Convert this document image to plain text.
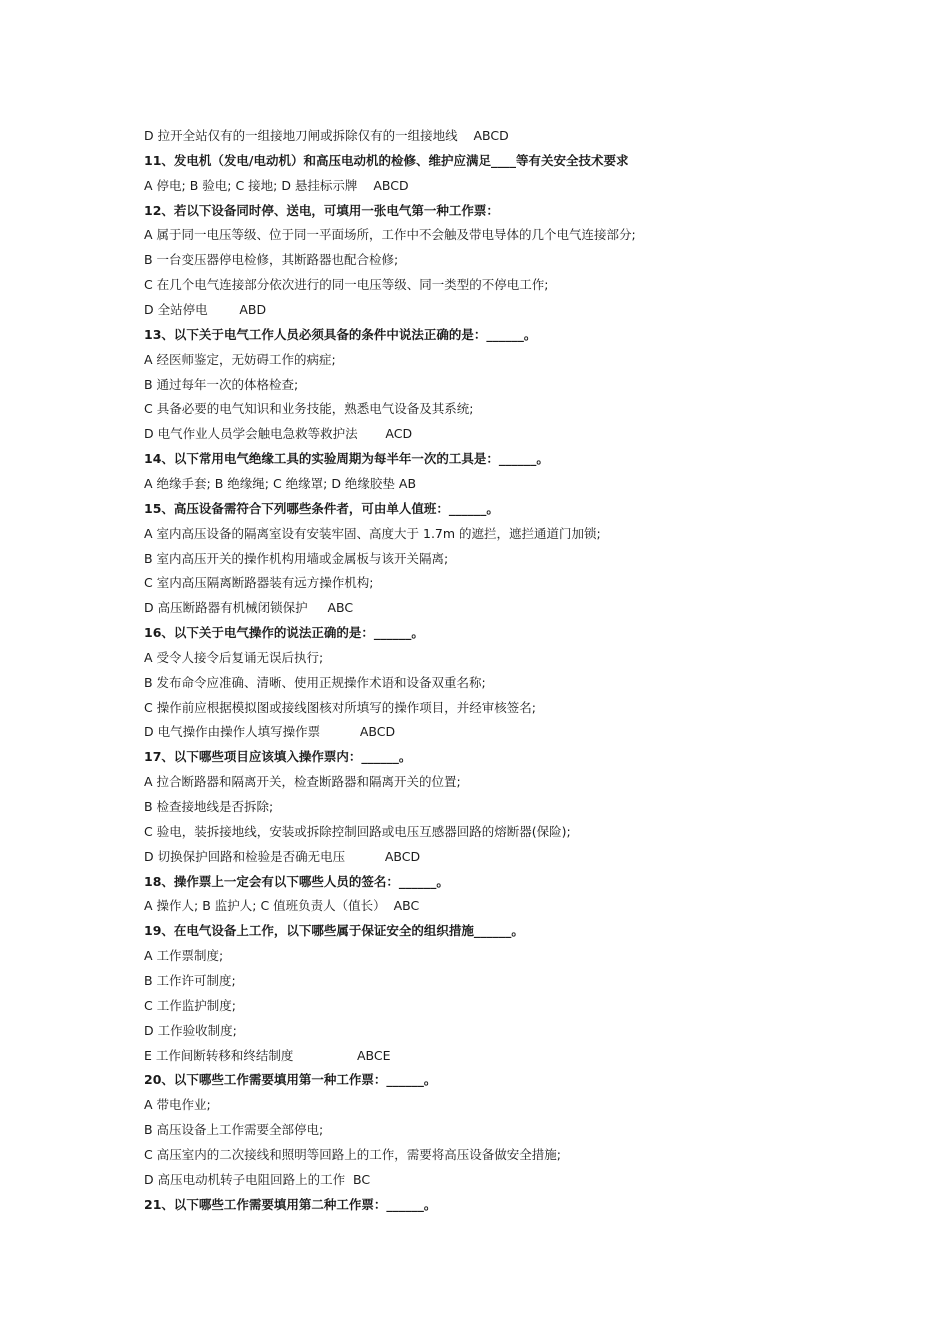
D 拉开全站仅有的一组接地刀闸或拆除仅有的一组接地线    ABCD
11、发电机（发电/电动机）和高压电动机的检修、维护应满足____等有关安全技术要求
A 停电; B 验电; C 接地; D 悬挂标示牌    ABCD
12、若以下设备同时停、送电，可填用一张电气第一种工作票：
A 属于同一电压等级、位于同一平面场所，工作中不会触及带电导体的几个电气连接部分;
B 一台变压器停电检修，其断路器也配合检修;
C 在几个电气连接部分依次进行的同一电压等级、同一类型的不停电工作;
D 全站停电        ABD
13、以下关于电气工作人员必须具备的条件中说法正确的是：______。
A 经医师鉴定，无妨碍工作的病症;
B 通过每年一次的体格检查;
C 具备必要的电气知识和业务技能，熟悉电气设备及其系统;
D 电气作业人员学会触电急救等救护法       ACD
14、以下常用电气绝缘工具的实验周期为每半年一次的工具是：______。
A 绝缘手套; B 绝缘绳; C 绝缘罩; D 绝缘胶垫 AB
15、高压设备需符合下列哪些条件者，可由单人值班：______。
A 室内高压设备的隔离室设有安装牢固、高度大于 1.7m 的遮拦，遮拦通道门加锁;
B 室内高压开关的操作机构用墙或金属板与该开关隔离;
C 室内高压隔离断路器装有远方操作机构;
D 高压断路器有机械闭锁保护     ABC
16、以下关于电气操作的说法正确的是：______。
A 受令人接令后复诵无误后执行;
B 发布命令应准确、清晰、使用正规操作术语和设备双重名称;
C 操作前应根据模拟图或接线图核对所填写的操作项目，并经审核签名;
D 电气操作由操作人填写操作票          ABCD
17、以下哪些项目应该填入操作票内：______。
A 拉合断路器和隔离开关，检查断路器和隔离开关的位置;
B 检查接地线是否拆除;
C 验电，装拆接地线，安装或拆除控制回路或电压互感器回路的熔断器(保险);
D 切换保护回路和检验是否确无电压          ABCD
18、操作票上一定会有以下哪些人员的签名：______。
A 操作人; B 监护人; C 值班负责人（值长）  ABC
19、在电气设备上工作，以下哪些属于保证安全的组织措施______。
A 工作票制度;
B 工作许可制度;
C 工作监护制度;
D 工作验收制度;
E 工作间断转移和终结制度                ABCE
20、以下哪些工作需要填用第一种工作票：______。
A 带电作业;
B 高压设备上工作需要全部停电;
C 高压室内的二次接线和照明等回路上的工作，需要将高压设备做安全措施;
D 高压电动机转子电阻回路上的工作  BC
21、以下哪些工作需要填用第二种工作票：______。
